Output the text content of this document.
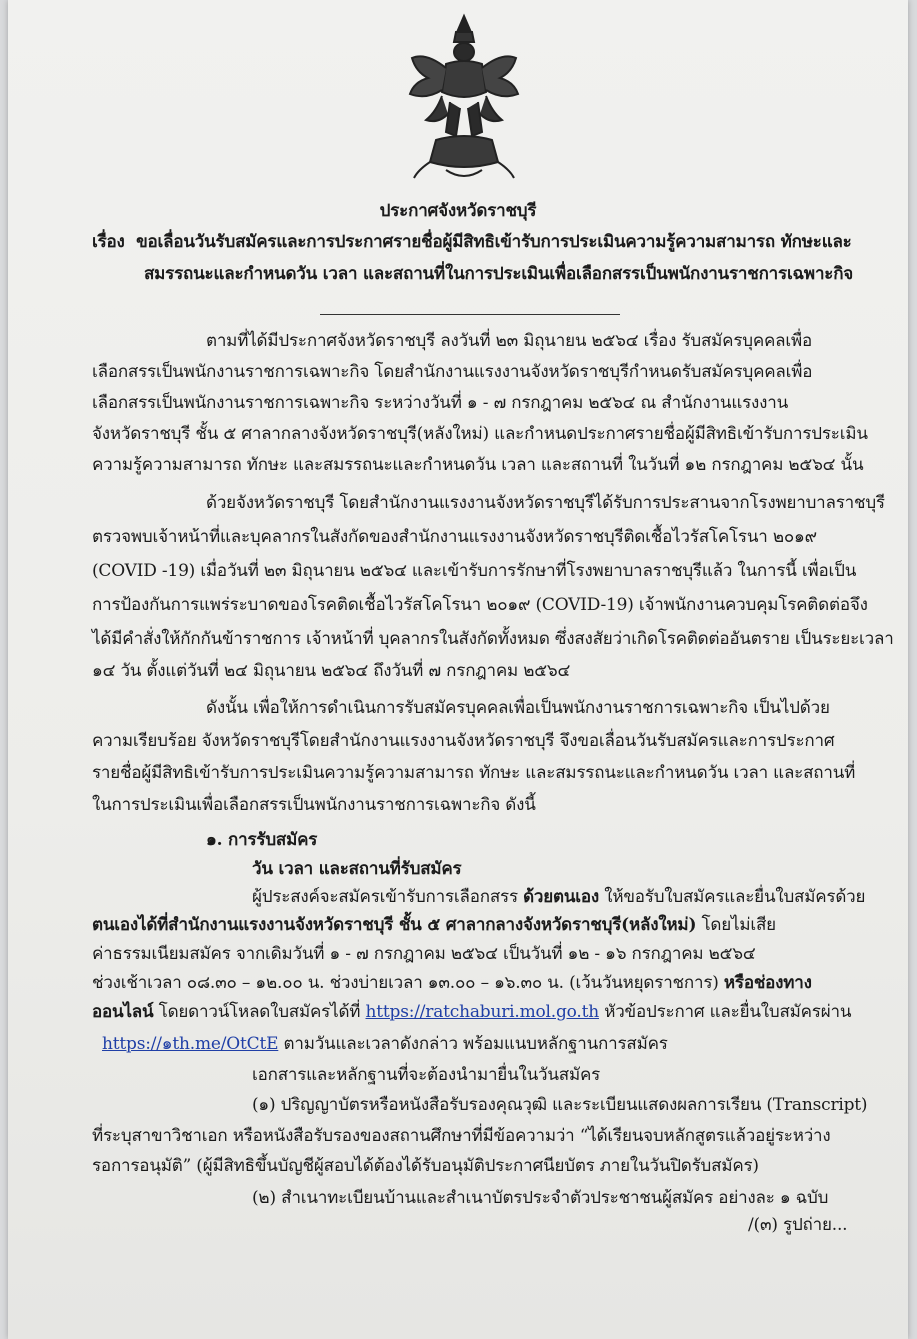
ประกาศจังหวัดราชบุรี
เรื่อง ขอเลื่อนวันรับสมัครและการประกาศรายชื่อผู้มีสิทธิเข้ารับการประเมินความรู้ความสามารถ ทักษะและ
สมรรถนะและกำหนดวัน เวลา และสถานที่ในการประเมินเพื่อเลือกสรรเป็นพนักงานราชการเฉพาะกิจ
ตามที่ได้มีประกาศจังหวัดราชบุรี ลงวันที่ ๒๓ มิถุนายน ๒๕๖๔ เรื่อง รับสมัครบุคคลเพื่อ
เลือกสรรเป็นพนักงานราชการเฉพาะกิจ โดยสำนักงานแรงงานจังหวัดราชบุรีกำหนดรับสมัครบุคคลเพื่อ
เลือกสรรเป็นพนักงานราชการเฉพาะกิจ ระหว่างวันที่ ๑ - ๗ กรกฎาคม ๒๕๖๔ ณ สำนักงานแรงงาน
จังหวัดราชบุรี ชั้น ๕ ศาลากลางจังหวัดราชบุรี(หลังใหม่) และกำหนดประกาศรายชื่อผู้มีสิทธิเข้ารับการประเมิน
ความรู้ความสามารถ ทักษะ และสมรรถนะและกำหนดวัน เวลา และสถานที่ ในวันที่ ๑๒ กรกฎาคม ๒๕๖๔ นั้น
ด้วยจังหวัดราชบุรี โดยสำนักงานแรงงานจังหวัดราชบุรีได้รับการประสานจากโรงพยาบาลราชบุรี
ตรวจพบเจ้าหน้าที่และบุคลากรในสังกัดของสำนักงานแรงงานจังหวัดราชบุรีติดเชื้อไวรัสโคโรนา ๒๐๑๙
(COVID -19) เมื่อวันที่ ๒๓ มิถุนายน ๒๕๖๔ และเข้ารับการรักษาที่โรงพยาบาลราชบุรีแล้ว ในการนี้ เพื่อเป็น
การป้องกันการแพร่ระบาดของโรคติดเชื้อไวรัสโคโรนา ๒๐๑๙ (COVID-19) เจ้าพนักงานควบคุมโรคติดต่อจึง
ได้มีคำสั่งให้กักกันข้าราชการ เจ้าหน้าที่ บุคลากรในสังกัดทั้งหมด ซึ่งสงสัยว่าเกิดโรคติดต่ออันตราย เป็นระยะเวลา
๑๔ วัน ตั้งแต่วันที่ ๒๔ มิถุนายน ๒๕๖๔ ถึงวันที่ ๗ กรกฎาคม ๒๕๖๔
ดังนั้น เพื่อให้การดำเนินการรับสมัครบุคคลเพื่อเป็นพนักงานราชการเฉพาะกิจ เป็นไปด้วย
ความเรียบร้อย จังหวัดราชบุรีโดยสำนักงานแรงงานจังหวัดราชบุรี จึงขอเลื่อนวันรับสมัครและการประกาศ
รายชื่อผู้มีสิทธิเข้ารับการประเมินความรู้ความสามารถ ทักษะ และสมรรถนะและกำหนดวัน เวลา และสถานที่
ในการประเมินเพื่อเลือกสรรเป็นพนักงานราชการเฉพาะกิจ ดังนี้
๑. การรับสมัคร
วัน เวลา และสถานที่รับสมัคร
ผู้ประสงค์จะสมัครเข้ารับการเลือกสรร ด้วยตนเอง ให้ขอรับใบสมัครและยื่นใบสมัครด้วย
ตนเองได้ที่สำนักงานแรงงานจังหวัดราชบุรี ชั้น ๕ ศาลากลางจังหวัดราชบุรี(หลังใหม่) โดยไม่เสีย
ค่าธรรมเนียมสมัคร จากเดิมวันที่ ๑ - ๗ กรกฎาคม ๒๕๖๔ เป็นวันที่ ๑๒ - ๑๖ กรกฎาคม ๒๕๖๔
ช่วงเช้าเวลา ๐๘.๓๐ – ๑๒.๐๐ น. ช่วงบ่ายเวลา ๑๓.๐๐ – ๑๖.๓๐ น. (เว้นวันหยุดราชการ) หรือช่องทาง
ออนไลน์ โดยดาวน์โหลดใบสมัครได้ที่ https://ratchaburi.mol.go.th หัวข้อประกาศ และยื่นใบสมัครผ่าน
https://๑th.me/OtCtE ตามวันและเวลาดังกล่าว พร้อมแนบหลักฐานการสมัคร
เอกสารและหลักฐานที่จะต้องนำมายื่นในวันสมัคร
(๑) ปริญญาบัตรหรือหนังสือรับรองคุณวุฒิ และระเบียนแสดงผลการเรียน (Transcript)
ที่ระบุสาขาวิชาเอก หรือหนังสือรับรองของสถานศึกษาที่มีข้อความว่า “ได้เรียนจบหลักสูตรแล้วอยู่ระหว่าง
รอการอนุมัติ” (ผู้มีสิทธิขึ้นบัญชีผู้สอบได้ต้องได้รับอนุมัติประกาศนียบัตร ภายในวันปิดรับสมัคร)
(๒) สำเนาทะเบียนบ้านและสำเนาบัตรประจำตัวประชาชนผู้สมัคร อย่างละ ๑ ฉบับ
/(๓) รูปถ่าย...
